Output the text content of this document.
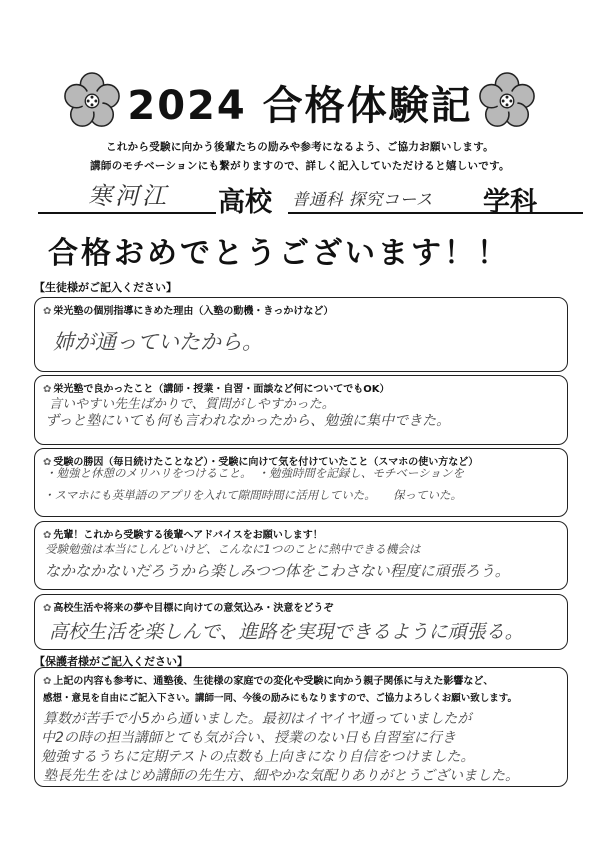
2024 合格体験記
これから受験に向かう後輩たちの励みや参考になるよう、ご協力お願いします。
講師のモチベーションにも繋がりますので、詳しく記入していただけると嬉しいです。
寒河江 高校 普通科 探究コース 学科
合格おめでとうございます！！
【生徒様がご記入ください】
✿ 栄光塾の個別指導にきめた理由（入塾の動機・きっかけなど）
姉が通っていたから。
✿ 栄光塾で良かったこと（講師・授業・自習・面談など何についてでもOK）
言いやすい先生ばかりで、質問がしやすかった。
ずっと塾にいても何も言われなかったから、勉強に集中できた。
✿ 受験の勝因（毎日続けたことなど）・受験に向けて気を付けていたこと（スマホの使い方など）
・勉強と休憩のメリハリをつけること。　・勉強時間を記録し、モチベーションを
・スマホにも英単語のアプリを入れて隙間時間に活用していた。　　保っていた。
✿ 先輩！これから受験する後輩へアドバイスをお願いします！
受験勉強は本当にしんどいけど、こんなに1つのことに熱中できる機会は
なかなかないだろうから楽しみつつ体をこわさない程度に頑張ろう。
✿ 高校生活や将来の夢や目標に向けての意気込み・決意をどうぞ
高校生活を楽しんで、進路を実現できるように頑張る。
【保護者様がご記入ください】
✿ 上記の内容も参考に、通塾後、生徒様の家庭での変化や受験に向かう親子関係に与えた影響など、
感想・意見を自由にご記入下さい。講師一同、今後の励みにもなりますので、ご協力よろしくお願い致します。
算数が苦手で小5から通いました。最初はイヤイヤ通っていましたが
中2の時の担当講師とても気が合い、授業のない日も自習室に行き
勉強するうちに定期テストの点数も上向きになり自信をつけました。
塾長先生をはじめ講師の先生方、細やかな気配りありがとうございました。
